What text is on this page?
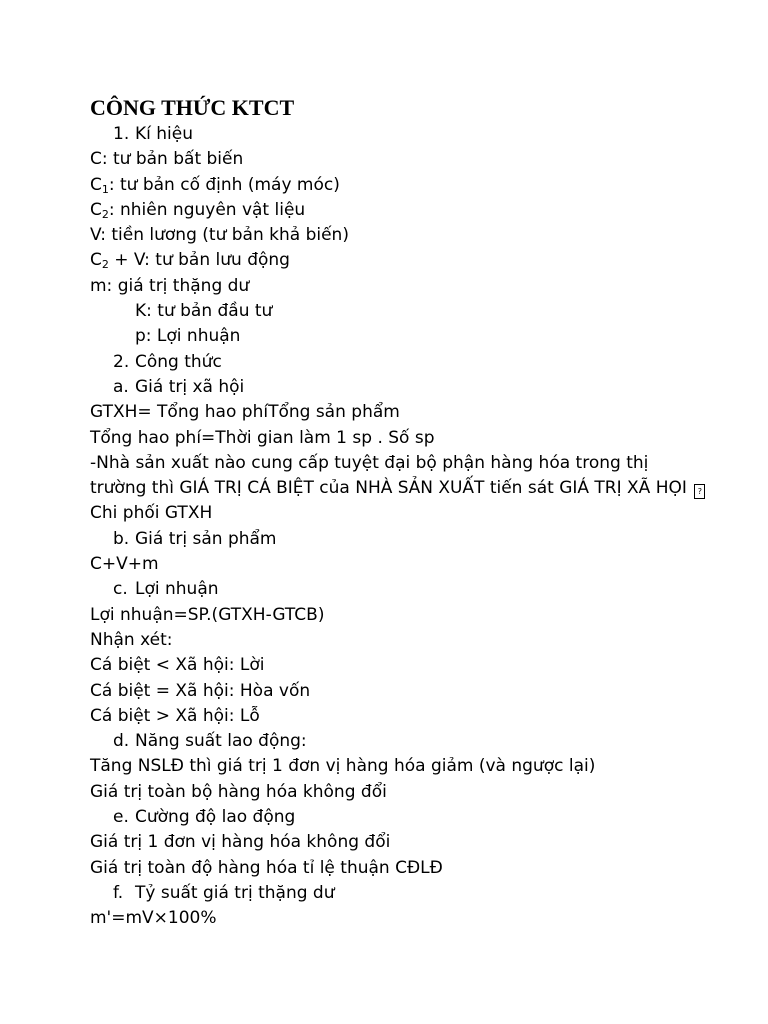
CÔNG THỨC KTCT
1. Kí hiệu
C: tư bản bất biến
$C_1$: tư bản cố định (máy móc)
$C_2$: nhiên nguyên vật liệu
V: tiền lương (tư bản khả biến)
$C_2 + V$: tư bản lưu động
m: giá trị thặng dư
K: tư bản đầu tư
p: Lợi nhuận
2. Công thức
a. Giá trị xã hội
GTXH= Tổng hao phíTổng sản phẩm
Tổng hao phí=Thời gian làm 1 sp . Số sp
-Nhà sản xuất nào cung cấp tuyệt đại bộ phận hàng hóa trong thị
trường thì GIÁ TRỊ CÁ BIỆT của NHÀ SẢN XUẤT tiến sát GIÁ TRỊ XÃ HỌI ?
Chi phối GTXH
b. Giá trị sản phẩm
C+V+m
c. Lợi nhuận
Lợi nhuận=SP.(GTXH-GTCB)
Nhận xét:
Cá biệt < Xã hội: Lời
Cá biệt = Xã hội: Hòa vốn
Cá biệt > Xã hội: Lỗ
d. Năng suất lao động:
Tăng NSLĐ thì giá trị 1 đơn vị hàng hóa giảm (và ngược lại)
Giá trị toàn bộ hàng hóa không đổi
e. Cường độ lao động
Giá trị 1 đơn vị hàng hóa không đổi
Giá trị toàn độ hàng hóa tỉ lệ thuận CĐLĐ
f. Tỷ suất giá trị thặng dư
m'=mV×100%
